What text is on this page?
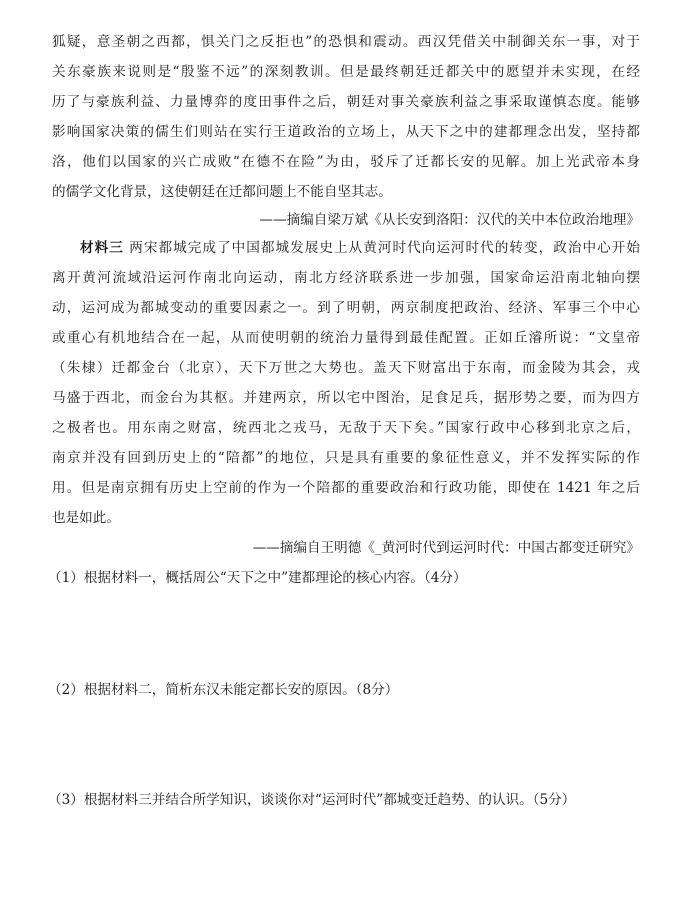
狐疑，意圣朝之西都，惧关门之反拒也”的恐惧和震动。西汉凭借关中制御关东一事，对于
关东豪族来说则是“殷鉴不远”的深刻教训。但是最终朝廷迁都关中的愿望并未实现，在经
历了与豪族利益、力量博弈的度田事件之后，朝廷对事关豪族利益之事采取谨慎态度。能够
影响国家决策的儒生们则站在实行王道政治的立场上，从天下之中的建都理念出发，坚持都
洛，他们以国家的兴亡成败“在德不在险”为由，驳斥了迁都长安的见解。加上光武帝本身
的儒学文化背景，这使朝廷在迁都问题上不能自坚其志。
——摘编自梁万斌《从长安到洛阳：汉代的关中本位政治地理》
材料三 两宋都城完成了中国都城发展史上从黄河时代向运河时代的转变，政治中心开始
离开黄河流域沿运河作南北向运动，南北方经济联系进一步加强，国家命运沿南北轴向摆
动，运河成为都城变动的重要因素之一。到了明朝，两京制度把政治、经济、军事三个中心
或重心有机地结合在一起，从而使明朝的统治力量得到最佳配置。正如丘濬所说：“文皇帝
（朱棣）迁都金台（北京），天下万世之大势也。盖天下财富出于东南，而金陵为其会，戎
马盛于西北，而金台为其枢。并建两京，所以宅中图治，足食足兵，据形势之要，而为四方
之极者也。用东南之财富，统西北之戎马，无敌于天下矣。”国家行政中心移到北京之后，
南京并没有回到历史上的“陪都”的地位，只是具有重要的象征性意义，并不发挥实际的作
用。但是南京拥有历史上空前的作为一个陪都的重要政治和行政功能，即使在 1421 年之后
也是如此。
——摘编自王明德《_黄河时代到运河时代：中国古都变迁研究》
（1）根据材料一，概括周公“天下之中”建都理论的核心内容。（4分）
（2）根据材料二，简析东汉未能定都长安的原因。（8分）
（3）根据材料三并结合所学知识，谈谈你对“运河时代”都城变迁趋势、的认识。（5分）
